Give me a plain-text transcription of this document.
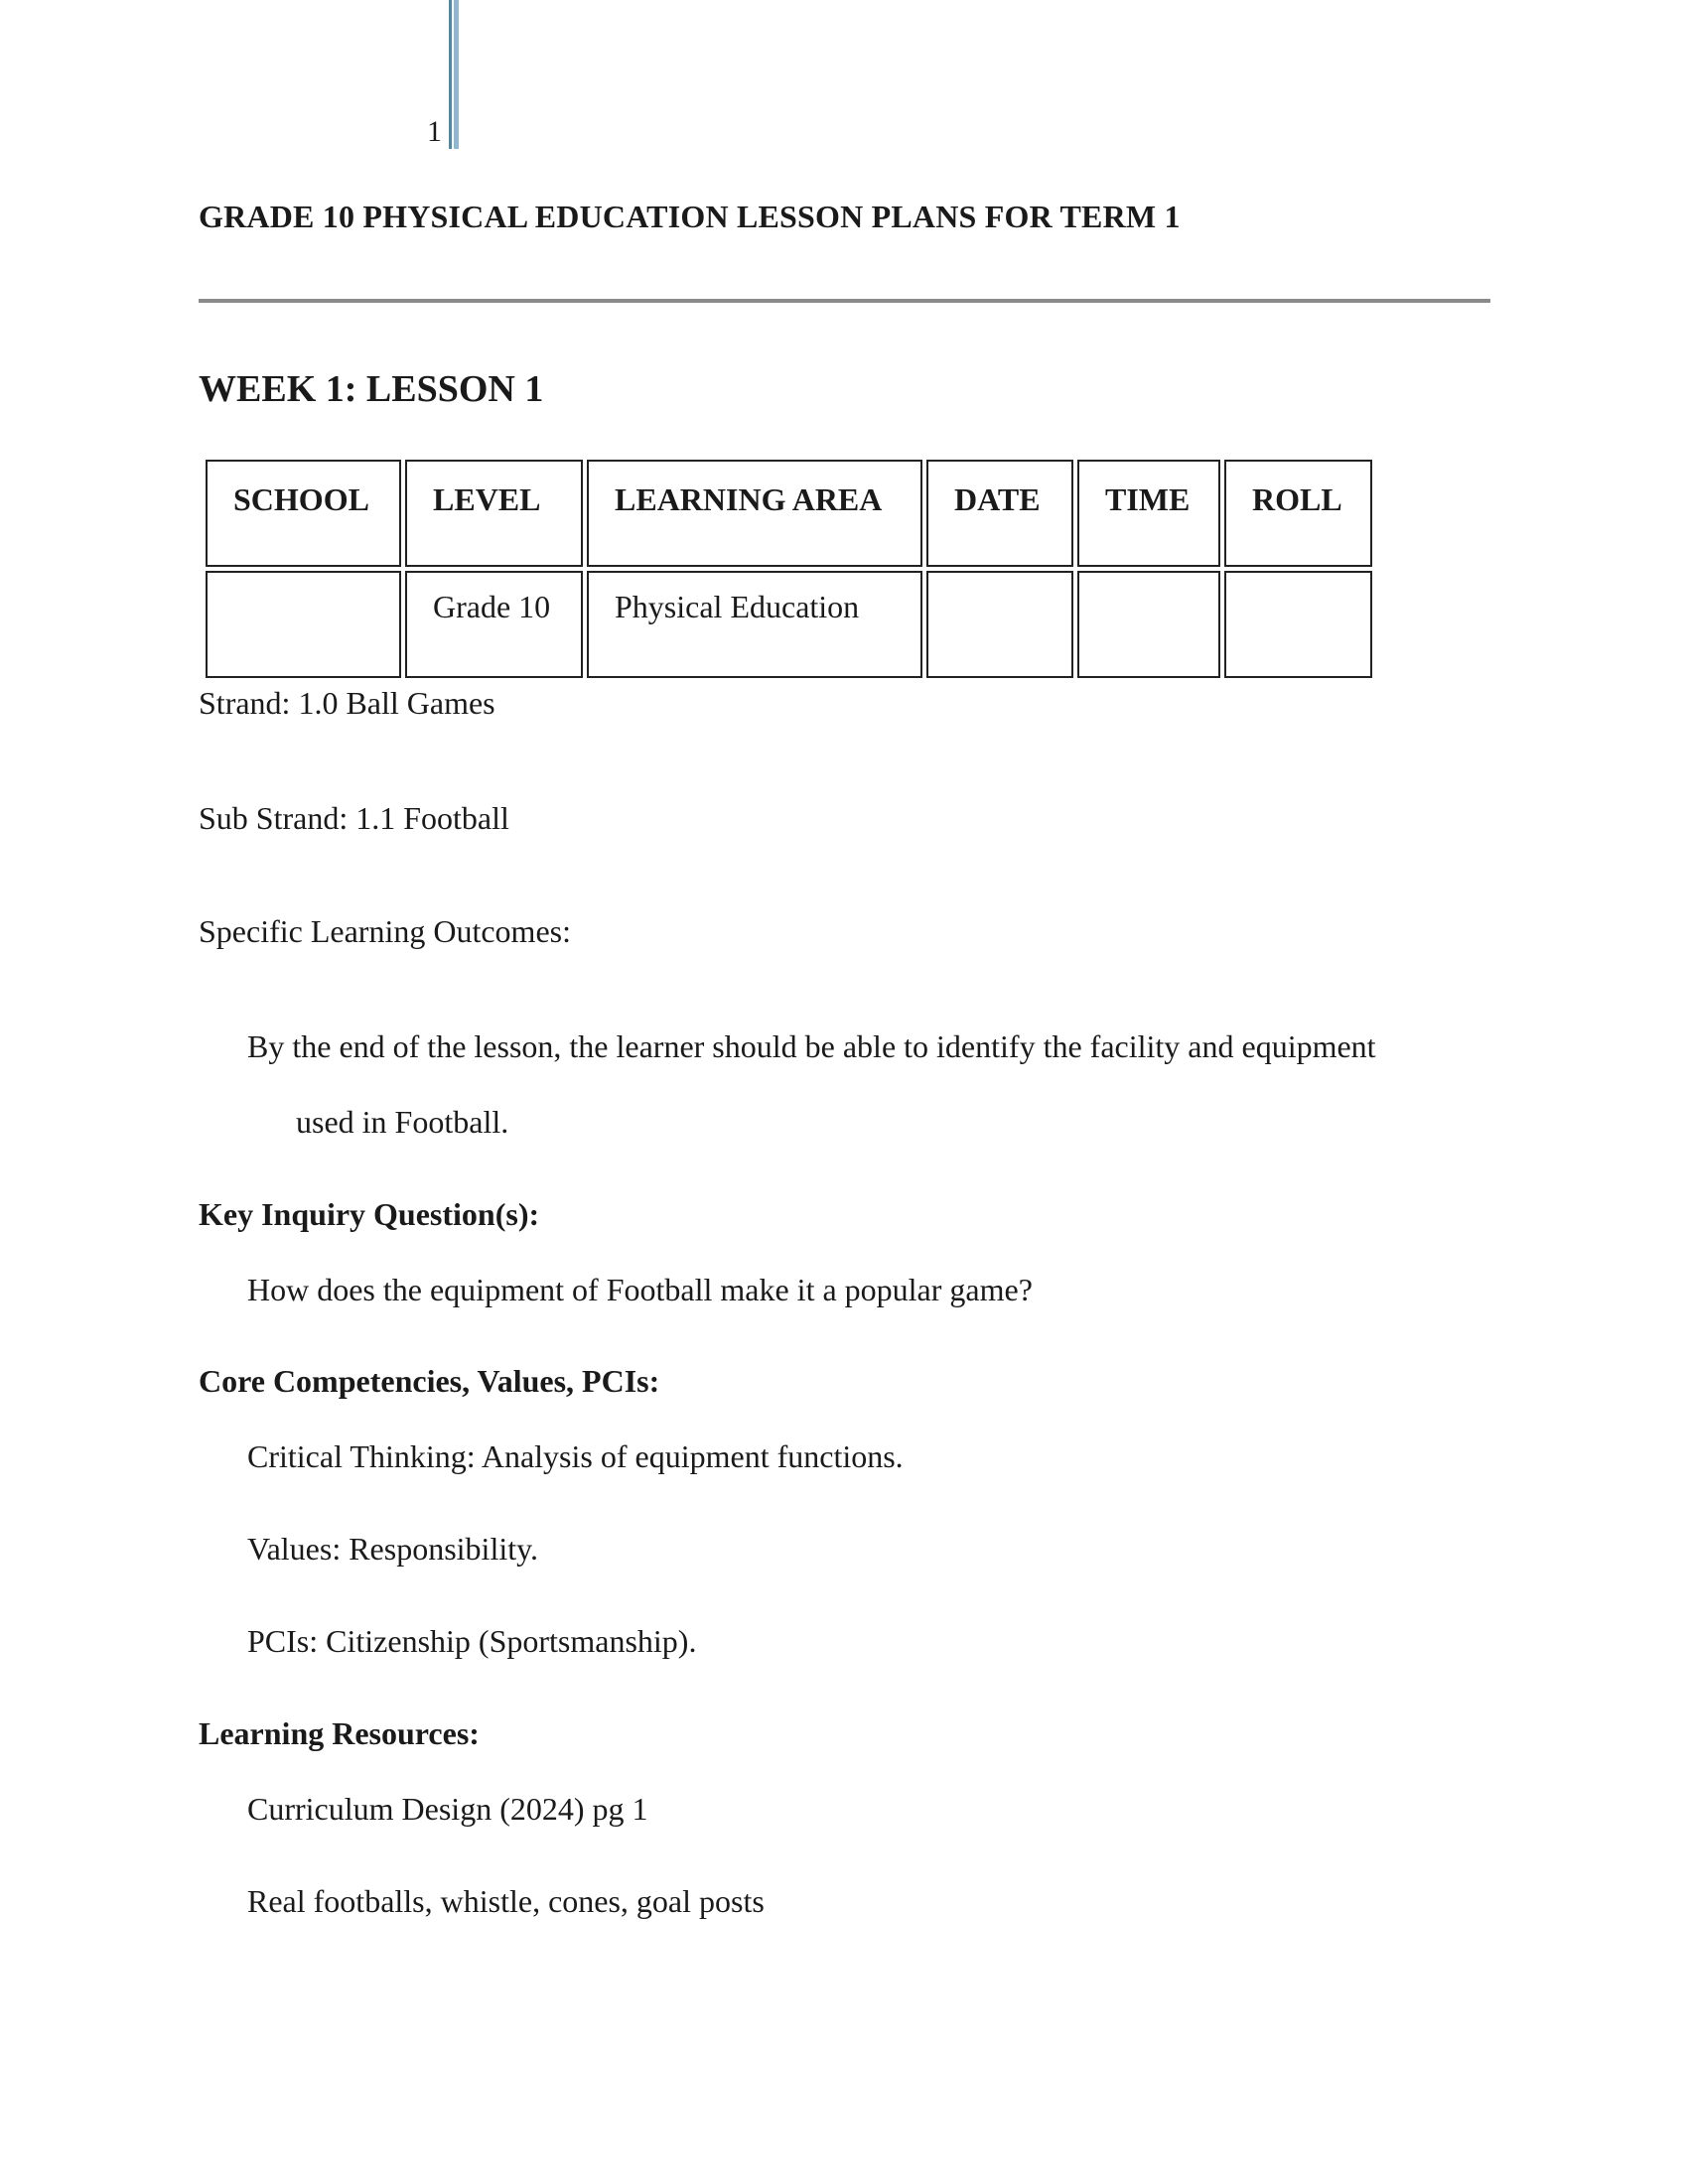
1
GRADE 10 PHYSICAL EDUCATION LESSON PLANS FOR TERM 1
WEEK 1: LESSON 1
SCHOOL	LEVEL	LEARNING AREA	DATE	TIME	ROLL
	Grade 10	Physical Education			
Strand: 1.0 Ball Games
Sub Strand: 1.1 Football
Specific Learning Outcomes:
By the end of the lesson, the learner should be able to identify the facility and equipment
used in Football.
Key Inquiry Question(s):
How does the equipment of Football make it a popular game?
Core Competencies, Values, PCIs:
Critical Thinking: Analysis of equipment functions.
Values: Responsibility.
PCIs: Citizenship (Sportsmanship).
Learning Resources:
Curriculum Design (2024) pg 1
Real footballs, whistle, cones, goal posts
